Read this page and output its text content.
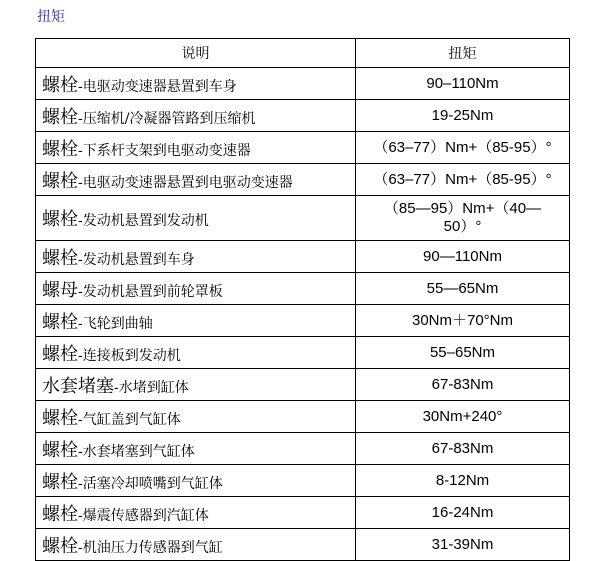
扭矩
说明	扭矩
螺栓-电驱动变速器悬置到车身	90–110Nm
螺栓-压缩机/冷凝器管路到压缩机	19-25Nm
螺栓-下系杆支架到电驱动变速器	（63–77）Nm+（85-95）°
螺栓-电驱动变速器悬置到电驱动变速器	（63–77）Nm+（85-95）°
螺栓-发动机悬置到发动机	（85—95）Nm+（40—50）°
螺栓-发动机悬置到车身	90—110Nm
螺母-发动机悬置到前轮罩板	55—65Nm
螺栓-飞轮到曲轴	30Nm＋70°Nm
螺栓-连接板到发动机	55–65Nm
水套堵塞-水堵到缸体	67-83Nm
螺栓-气缸盖到气缸体	30Nm+240°
螺栓-水套堵塞到气缸体	67-83Nm
螺栓-活塞冷却喷嘴到气缸体	8-12Nm
螺栓-爆震传感器到汽缸体	16-24Nm
螺栓-机油压力传感器到气缸	31-39Nm
